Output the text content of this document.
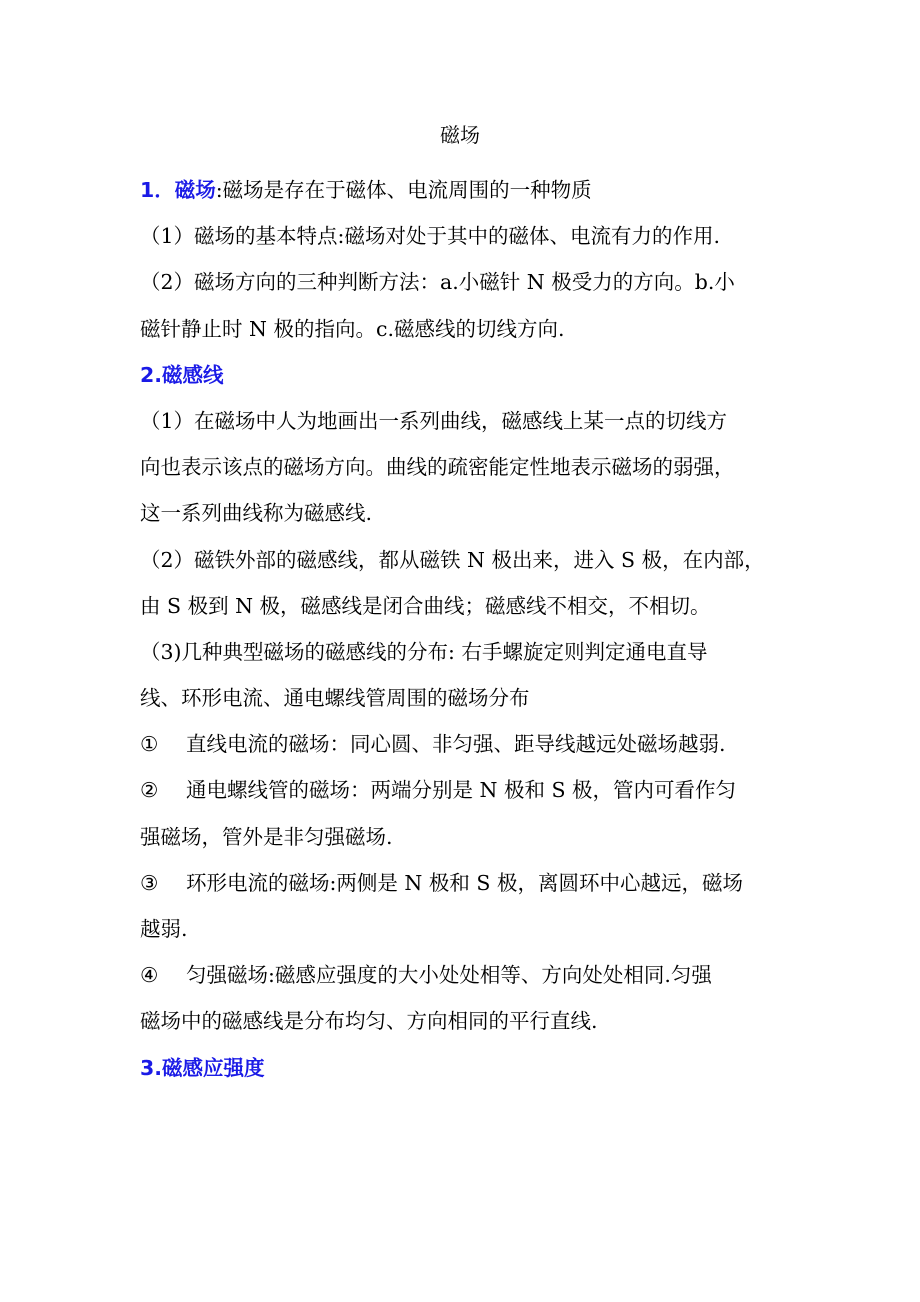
磁场
1．磁场:磁场是存在于磁体、电流周围的一种物质
（1）磁场的基本特点:磁场对处于其中的磁体、电流有力的作用.
（2）磁场方向的三种判断方法：a.小磁针 N 极受力的方向。b.小
磁针静止时 N 极的指向。c.磁感线的切线方向.
2.磁感线
（1）在磁场中人为地画出一系列曲线，磁感线上某一点的切线方
向也表示该点的磁场方向。曲线的疏密能定性地表示磁场的弱强，
这一系列曲线称为磁感线.
（2）磁铁外部的磁感线，都从磁铁 N 极出来，进入 S 极，在内部，
由 S 极到 N 极，磁感线是闭合曲线；磁感线不相交，不相切。
（3)几种典型磁场的磁感线的分布: 右手螺旋定则判定通电直导
线、环形电流、通电螺线管周围的磁场分布
① 直线电流的磁场：同心圆、非匀强、距导线越远处磁场越弱.
② 通电螺线管的磁场：两端分别是 N 极和 S 极，管内可看作匀
强磁场，管外是非匀强磁场.
③ 环形电流的磁场:两侧是 N 极和 S 极，离圆环中心越远，磁场
越弱.
④ 匀强磁场:磁感应强度的大小处处相等、方向处处相同.匀强
磁场中的磁感线是分布均匀、方向相同的平行直线.
3.磁感应强度
